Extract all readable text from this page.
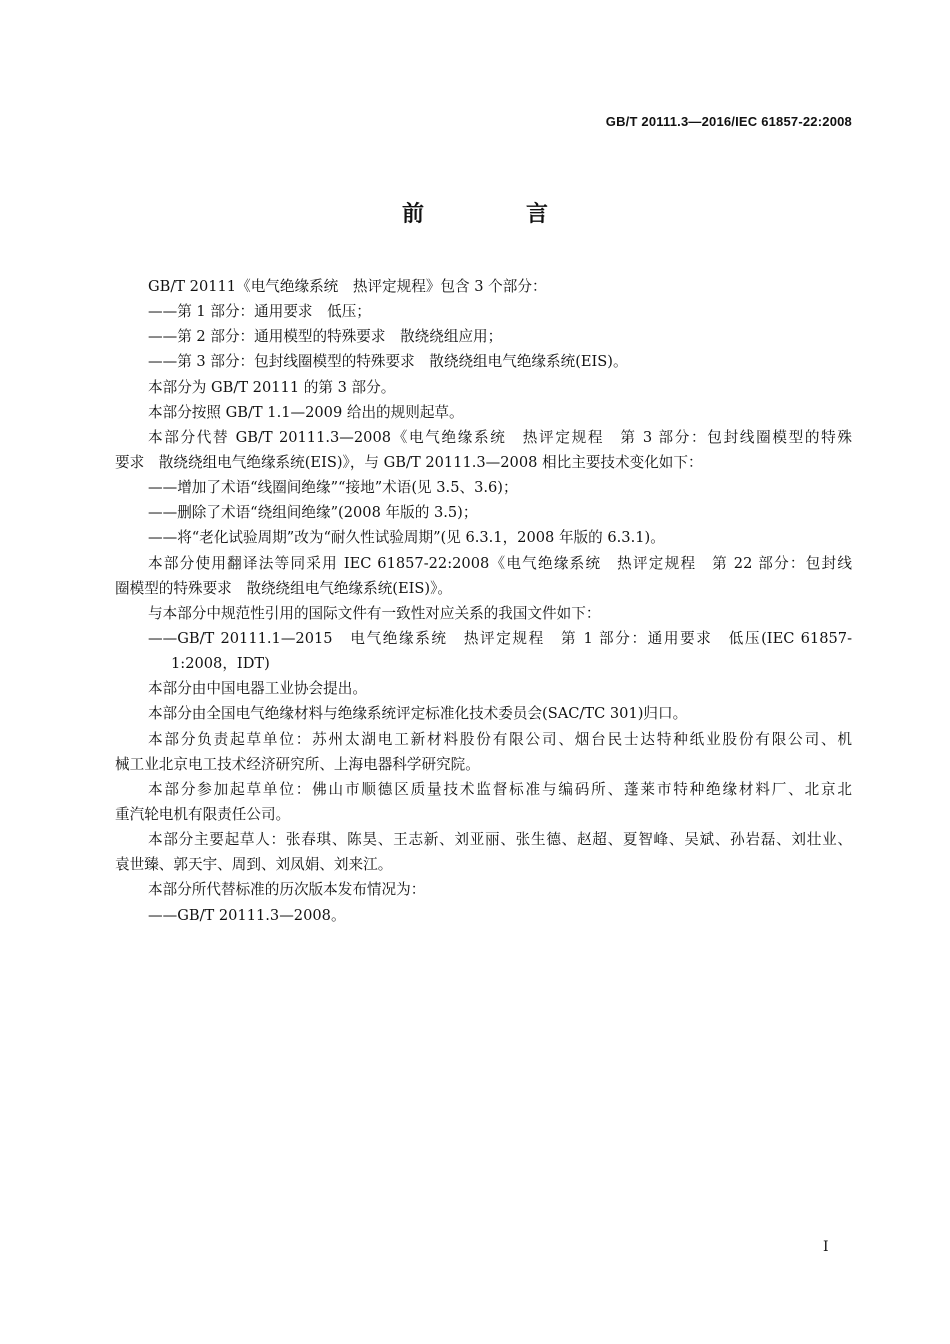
GB/T 20111.3—2016/IEC 61857-22:2008
前　言
GB/T 20111《电气绝缘系统　热评定规程》包含 3 个部分：
——第 1 部分：通用要求　低压；
——第 2 部分：通用模型的特殊要求　散绕绕组应用；
——第 3 部分：包封线圈模型的特殊要求　散绕绕组电气绝缘系统(EIS)。
本部分为 GB/T 20111 的第 3 部分。
本部分按照 GB/T 1.1—2009 给出的规则起草。
本部分代替 GB/T 20111.3—2008《电气绝缘系统　热评定规程　第 3 部分：包封线圈模型的特殊
要求　散绕绕组电气绝缘系统(EIS)》，与 GB/T 20111.3—2008 相比主要技术变化如下：
——增加了术语“线圈间绝缘”“接地”术语(见 3.5、3.6)；
——删除了术语“绕组间绝缘”(2008 年版的 3.5)；
——将“老化试验周期”改为“耐久性试验周期”(见 6.3.1，2008 年版的 6.3.1)。
本部分使用翻译法等同采用 IEC 61857-22:2008《电气绝缘系统　热评定规程　第 22 部分：包封线
圈模型的特殊要求　散绕绕组电气绝缘系统(EIS)》。
与本部分中规范性引用的国际文件有一致性对应关系的我国文件如下：
——GB/T 20111.1—2015　电气绝缘系统　热评定规程　第 1 部分：通用要求　低压(IEC 61857-
1:2008，IDT)
本部分由中国电器工业协会提出。
本部分由全国电气绝缘材料与绝缘系统评定标准化技术委员会(SAC/TC 301)归口。
本部分负责起草单位：苏州太湖电工新材料股份有限公司、烟台民士达特种纸业股份有限公司、机
械工业北京电工技术经济研究所、上海电器科学研究院。
本部分参加起草单位：佛山市顺德区质量技术监督标准与编码所、蓬莱市特种绝缘材料厂、北京北
重汽轮电机有限责任公司。
本部分主要起草人：张春琪、陈昊、王志新、刘亚丽、张生德、赵超、夏智峰、吴斌、孙岩磊、刘壮业、
袁世臻、郭天宇、周到、刘凤娟、刘来江。
本部分所代替标准的历次版本发布情况为：
——GB/T 20111.3—2008。
I
